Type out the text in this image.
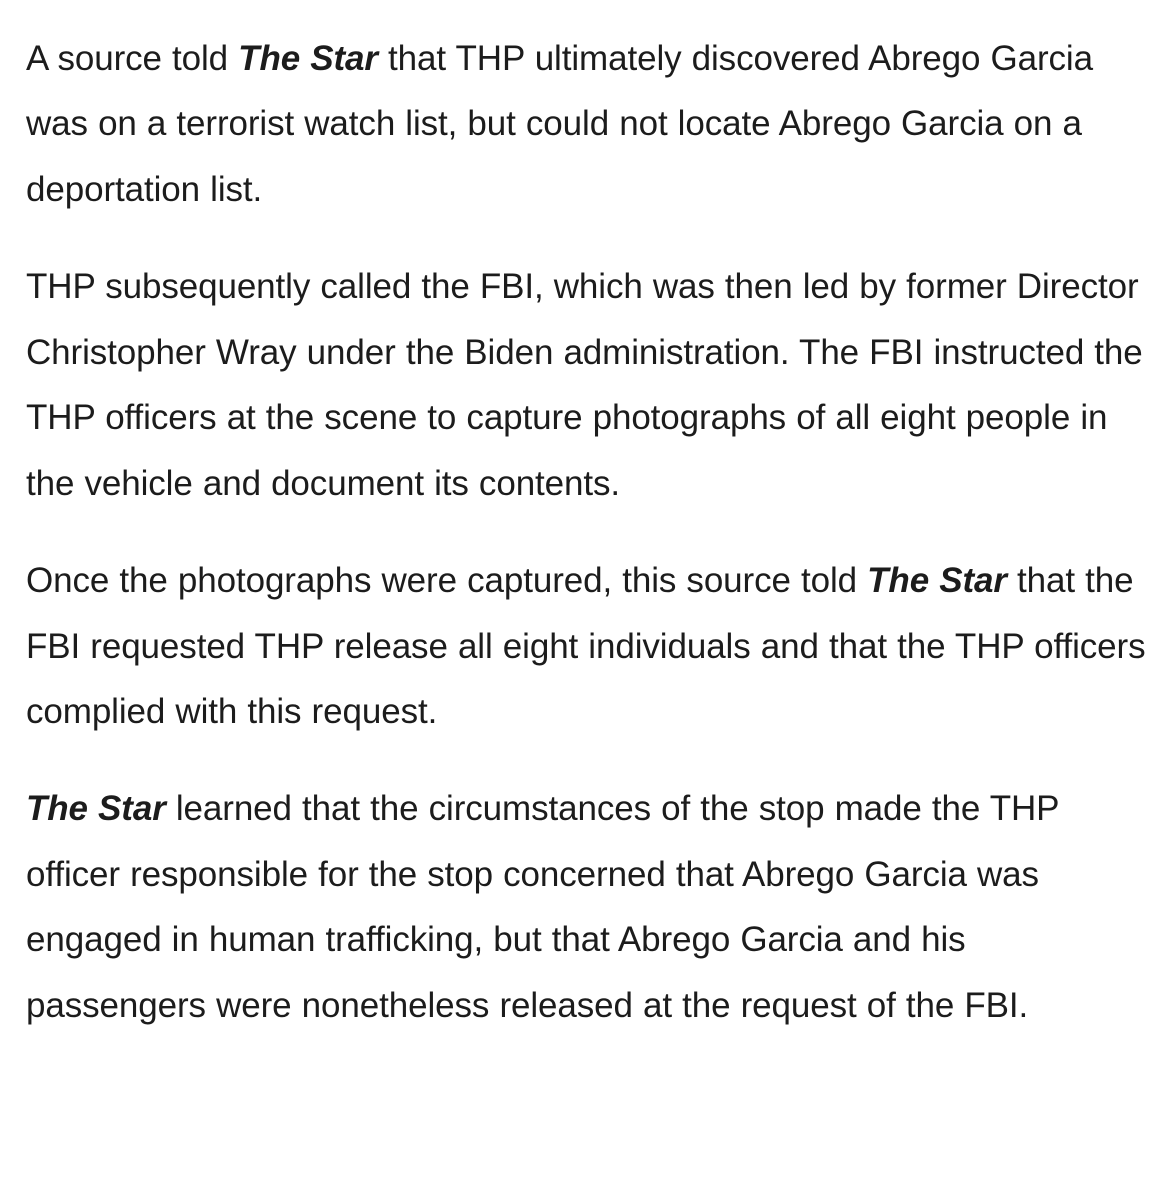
A source told The Star that THP ultimately discovered Abrego Garcia was on a terrorist watch list, but could not locate Abrego Garcia on a deportation list.

THP subsequently called the FBI, which was then led by former Director Christopher Wray under the Biden administration. The FBI instructed the THP officers at the scene to capture photographs of all eight people in the vehicle and document its contents.

Once the photographs were captured, this source told The Star that the FBI requested THP release all eight individuals and that the THP officers complied with this request.

The Star learned that the circumstances of the stop made the THP officer responsible for the stop concerned that Abrego Garcia was engaged in human trafficking, but that Abrego Garcia and his passengers were nonetheless released at the request of the FBI.
